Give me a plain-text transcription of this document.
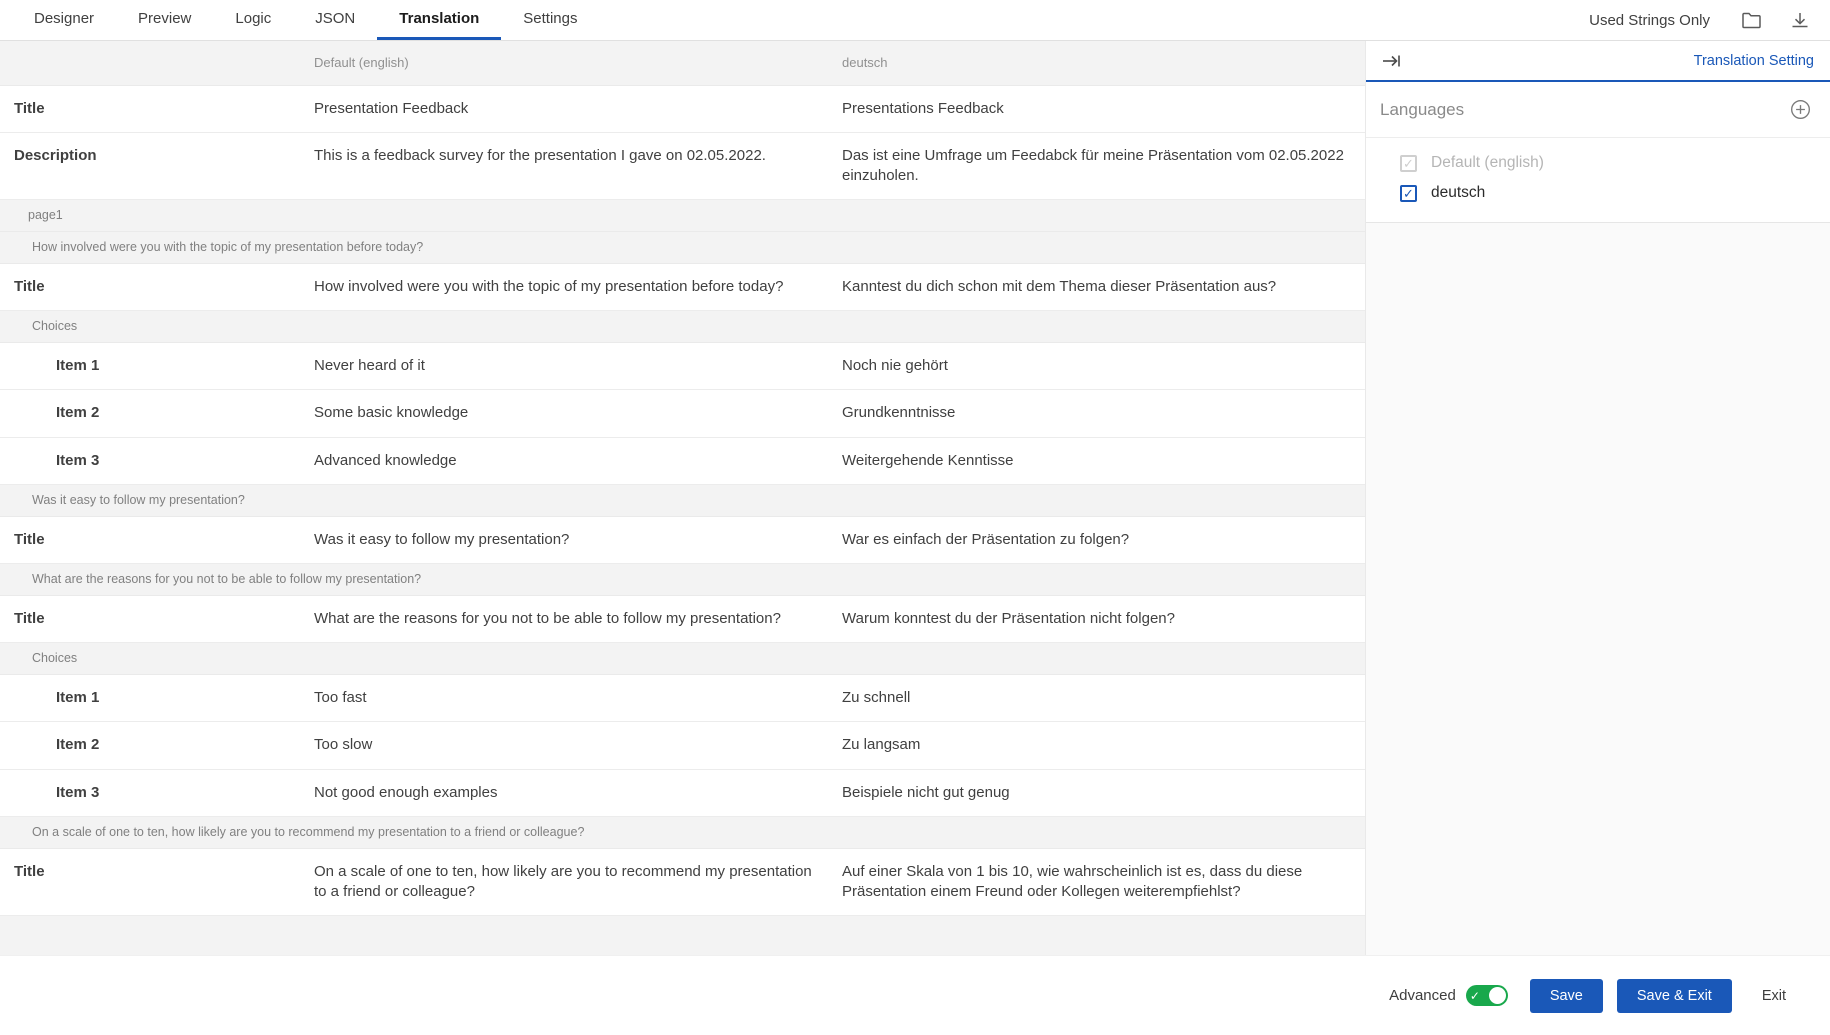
Designer	Preview	Logic	JSON	Translation	Settings	Used Strings Only
	Default (english)	deutsch
Title	Presentation Feedback	Presentations Feedback

Description	This is a feedback survey for the presentation I gave on 02.05.2022.	Das ist eine Umfrage um Feedabck für meine Präsentation vom 02.05.2022 einzuholen.

page1		
How involved were you with the topic of my presentation before today?		
Title	How involved were you with the topic of my presentation before today?	Kanntest du dich schon mit dem Thema dieser Präsentation aus?

Choices		
Item 1	Never heard of it	Noch nie gehört

Item 2	Some basic knowledge	Grundkenntnisse

Item 3	Advanced knowledge	Weitergehende Kenntisse

Was it easy to follow my presentation?		
Title	Was it easy to follow my presentation?	War es einfach der Präsentation zu folgen?

What are the reasons for you not to be able to follow my presentation?		
Title	What are the reasons for you not to be able to follow my presentation?	Warum konntest du der Präsentation nicht folgen?

Choices		
Item 1	Too fast	Zu schnell

Item 2	Too slow	Zu langsam

Item 3	Not good enough examples	Beispiele nicht gut genug

On a scale of one to ten, how likely are you to recommend my presentation to a friend or colleague?		
Title	On a scale of one to ten, how likely are you to recommend my presentation to a friend or colleague?	Auf einer Skala von 1 bis 10, wie wahrscheinlich ist es, dass du diese Präsentation einem Freund oder Kollegen weiterempfiehlst?

Translation Setting
Languages
✓ Default (english)
✓ deutsch
Advanced ✓	Save	Save & Exit	Exit
